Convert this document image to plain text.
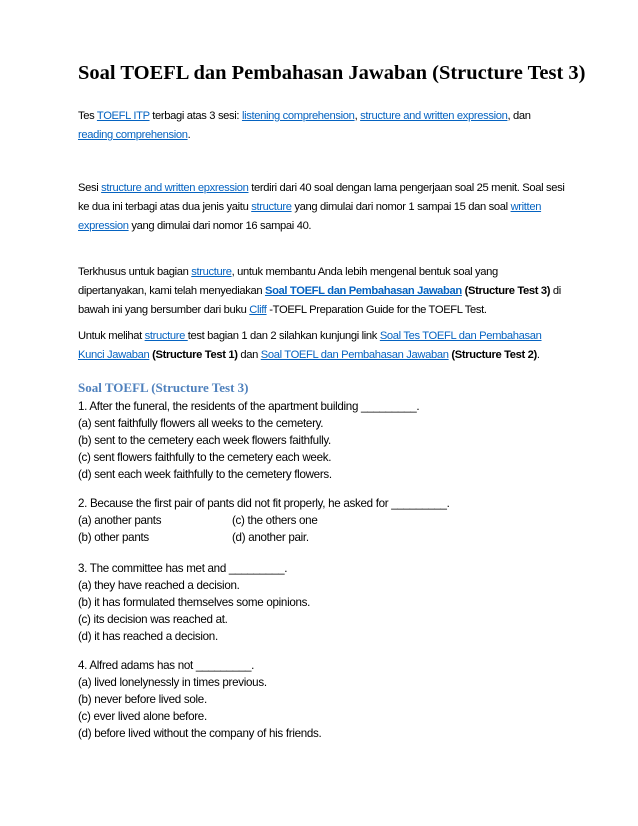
Soal TOEFL dan Pembahasan Jawaban (Structure Test 3)

Tes TOEFL ITP terbagi atas 3 sesi: listening comprehension, structure and written expression, dan reading comprehension.

Sesi structure and written epxression terdiri dari 40 soal dengan lama pengerjaan soal 25 menit. Soal sesi ke dua ini terbagi atas dua jenis yaitu structure yang dimulai dari nomor 1 sampai 15 dan soal written expression yang dimulai dari nomor 16 sampai 40.

Terkhusus untuk bagian structure, untuk membantu Anda lebih mengenal bentuk soal yang dipertanyakan, kami telah menyediakan Soal TOEFL dan Pembahasan Jawaban (Structure Test 3) di bawah ini yang bersumber dari buku Cliff -TOEFL Preparation Guide for the TOEFL Test.

Untuk melihat structure test bagian 1 dan 2 silahkan kunjungi link Soal Tes TOEFL dan Pembahasan Kunci Jawaban (Structure Test 1) dan Soal TOEFL dan Pembahasan Jawaban (Structure Test 2).

Soal TOEFL (Structure Test 3)
1. After the funeral, the residents of the apartment building _________.
(a) sent faithfully flowers all weeks to the cemetery.
(b) sent to the cemetery each week flowers faithfully.
(c) sent flowers faithfully to the cemetery each week.
(d) sent each week faithfully to the cemetery flowers.
2. Because the first pair of pants did not fit properly, he asked for _________.
(a) another pants	(c) the others one
(b) other pants	(d) another pair.
3. The committee has met and _________.
(a) they have reached a decision.
(b) it has formulated themselves some opinions.
(c) its decision was reached at.
(d) it has reached a decision.
4. Alfred adams has not _________.
(a) lived lonelynessly in times previous.
(b) never before lived sole.
(c) ever lived alone before.
(d) before lived without the company of his friends.
